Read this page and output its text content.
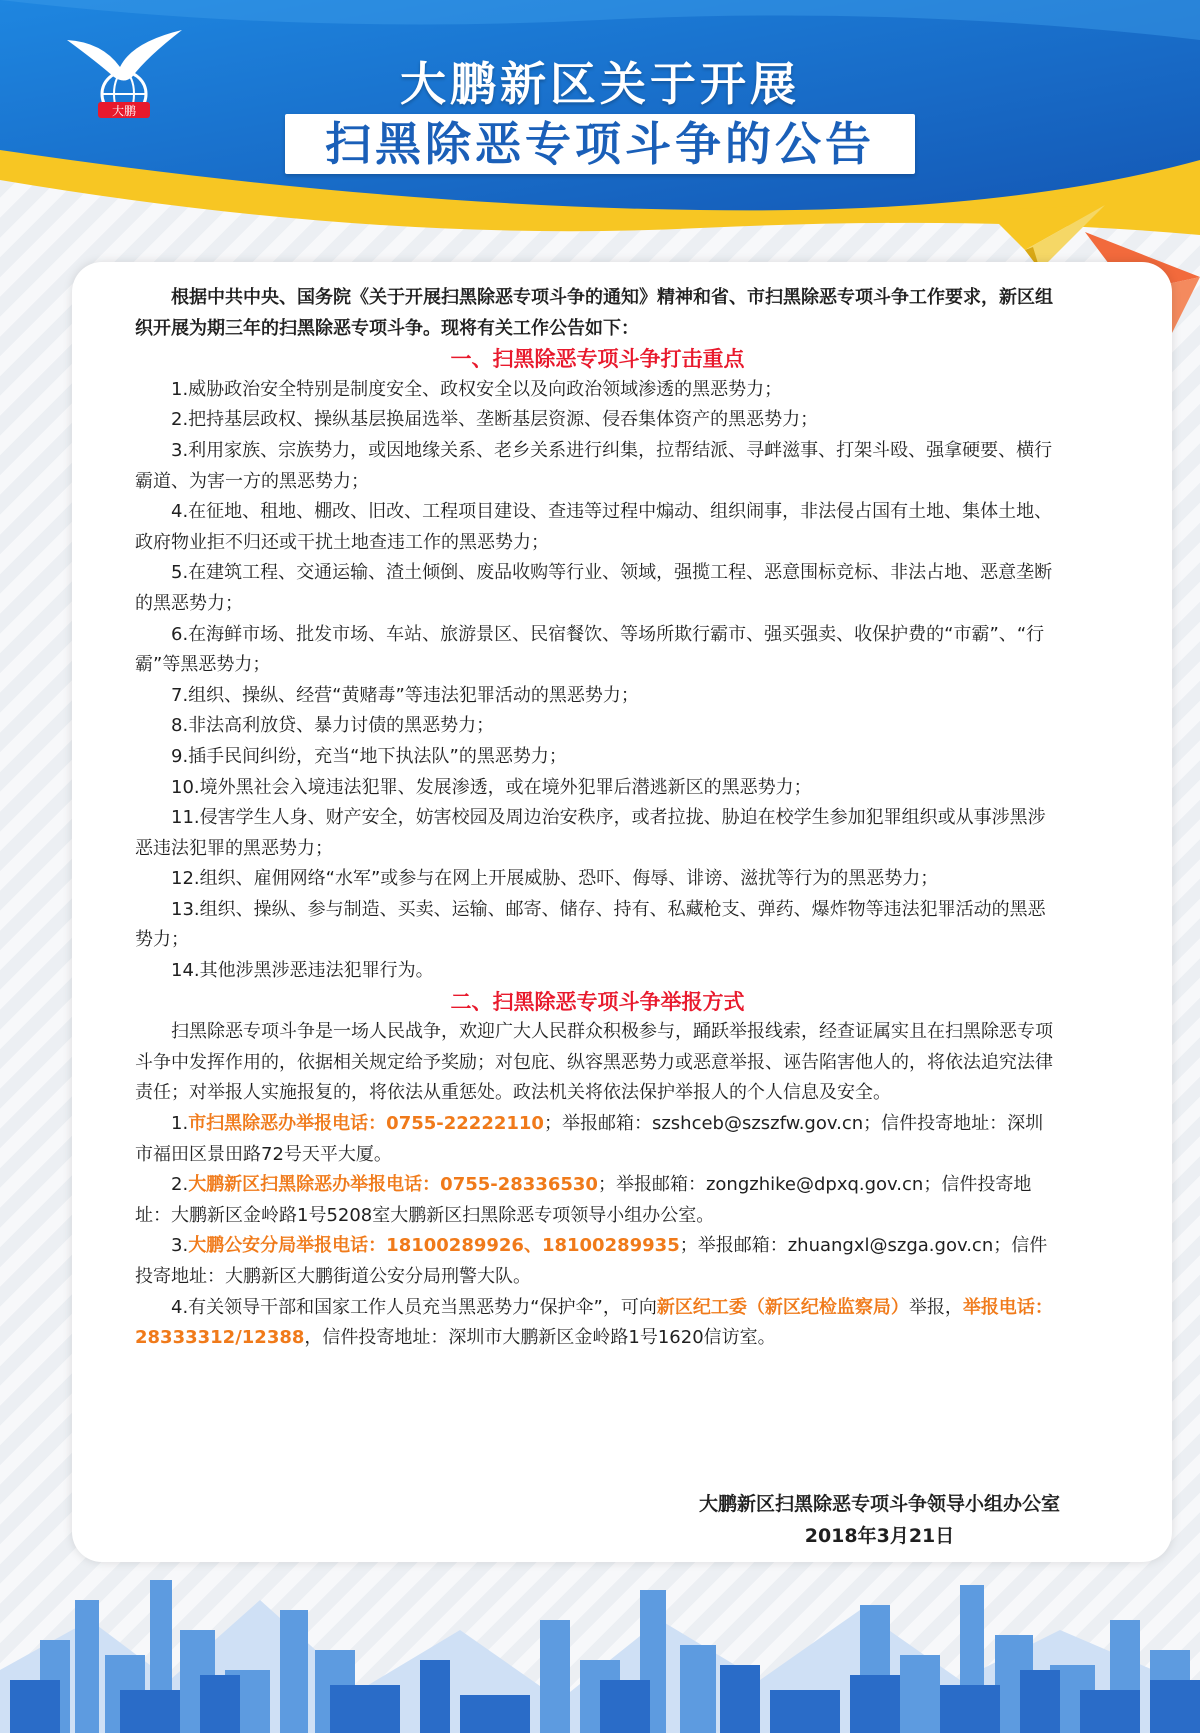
大鹏	大鹏新区关于开展
扫黑除恶专项斗争的公告

根据中共中央、国务院《关于开展扫黑除恶专项斗争的通知》精神和省、市扫黑除恶专项斗争工作要求，新区组织开展为期三年的扫黑除恶专项斗争。现将有关工作公告如下：

一、扫黑除恶专项斗争打击重点

1.威胁政治安全特别是制度安全、政权安全以及向政治领域渗透的黑恶势力；

2.把持基层政权、操纵基层换届选举、垄断基层资源、侵吞集体资产的黑恶势力；

3.利用家族、宗族势力，或因地缘关系、老乡关系进行纠集，拉帮结派、寻衅滋事、打架斗殴、强拿硬要、横行霸道、为害一方的黑恶势力；

4.在征地、租地、棚改、旧改、工程项目建设、查违等过程中煽动、组织闹事，非法侵占国有土地、集体土地、政府物业拒不归还或干扰土地查违工作的黑恶势力；

5.在建筑工程、交通运输、渣土倾倒、废品收购等行业、领域，强揽工程、恶意围标竞标、非法占地、恶意垄断的黑恶势力；

6.在海鲜市场、批发市场、车站、旅游景区、民宿餐饮、等场所欺行霸市、强买强卖、收保护费的“市霸”、“行霸”等黑恶势力；

7.组织、操纵、经营“黄赌毒”等违法犯罪活动的黑恶势力；

8.非法高利放贷、暴力讨债的黑恶势力；

9.插手民间纠纷，充当“地下执法队”的黑恶势力；

10.境外黑社会入境违法犯罪、发展渗透，或在境外犯罪后潜逃新区的黑恶势力；

11.侵害学生人身、财产安全，妨害校园及周边治安秩序，或者拉拢、胁迫在校学生参加犯罪组织或从事涉黑涉恶违法犯罪的黑恶势力；

12.组织、雇佣网络“水军”或参与在网上开展威胁、恐吓、侮辱、诽谤、滋扰等行为的黑恶势力；

13.组织、操纵、参与制造、买卖、运输、邮寄、储存、持有、私藏枪支、弹药、爆炸物等违法犯罪活动的黑恶势力；

14.其他涉黑涉恶违法犯罪行为。

二、扫黑除恶专项斗争举报方式

扫黑除恶专项斗争是一场人民战争，欢迎广大人民群众积极参与，踊跃举报线索，经查证属实且在扫黑除恶专项斗争中发挥作用的，依据相关规定给予奖励；对包庇、纵容黑恶势力或恶意举报、诬告陷害他人的，将依法追究法律责任；对举报人实施报复的，将依法从重惩处。政法机关将依法保护举报人的个人信息及安全。

1.市扫黑除恶办举报电话：0755-22222110；举报邮箱：szshceb@szszfw.gov.cn；信件投寄地址：深圳市福田区景田路72号天平大厦。

2.大鹏新区扫黑除恶办举报电话：0755-28336530；举报邮箱：zongzhike@dpxq.gov.cn；信件投寄地址：大鹏新区金岭路1号5208室大鹏新区扫黑除恶专项领导小组办公室。

3.大鹏公安分局举报电话：18100289926、18100289935；举报邮箱：zhuangxl@szga.gov.cn；信件投寄地址：大鹏新区大鹏街道公安分局刑警大队。

4.有关领导干部和国家工作人员充当黑恶势力“保护伞”，可向新区纪工委（新区纪检监察局）举报，举报电话：28333312/12388，信件投寄地址：深圳市大鹏新区金岭路1号1620信访室。

大鹏新区扫黑除恶专项斗争领导小组办公室
2018年3月21日
